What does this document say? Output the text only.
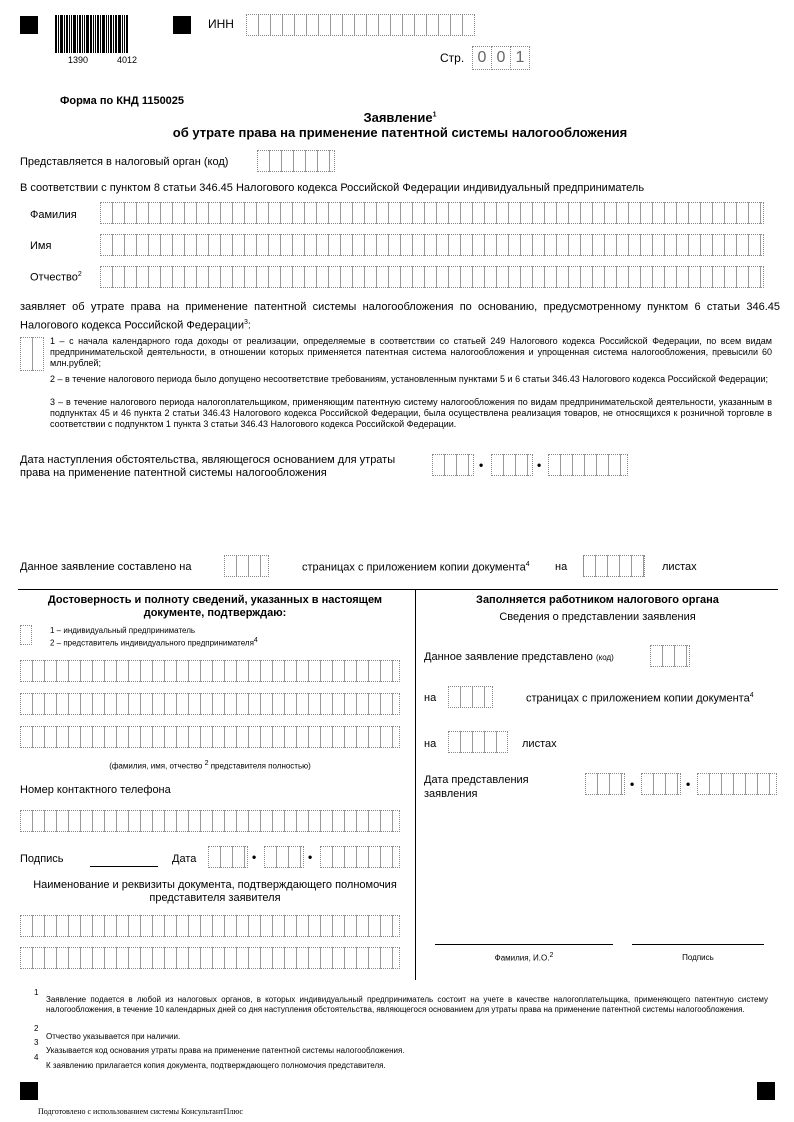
1390	4012
ИНН
Стр. 0 0 1
Форма по КНД 1150025
Заявление$^1$
об утрате права на применение патентной системы налогообложения
Представляется в налоговый орган (код)
В соответствии с пунктом 8 статьи 346.45 Налогового кодекса Российской Федерации индивидуальный предприниматель
Фамилия
Имя
Отчество$^2$
заявляет об утрате права на применение патентной системы налогообложения по основанию, предусмотренному пунктом 6 статьи 346.45 Налогового кодекса Российской Федерации$^3$:
1 – с начала календарного года доходы от реализации, определяемые в соответствии со статьей 249 Налогового кодекса Российской Федерации, по всем видам предпринимательской деятельности, в отношении которых применяется патентная система налогообложения и упрощенная система налогообложения, превысили 60 млн.рублей;
2 – в течение налогового периода было допущено несоответствие требованиям, установленным пунктами 5 и 6 статьи 346.43 Налогового кодекса Российской Федерации;
3 – в течение налогового периода налогоплательщиком, применяющим патентную систему налогообложения по видам предпринимательской деятельности, указанным в подпунктах 45 и 46 пункта 2 статьи 346.43 Налогового кодекса Российской Федерации, была осуществлена реализация товаров, не относящихся к розничной торговле в соответствии с подпунктом 1 пункта 3 статьи 346.43 Налогового кодекса Российской Федерации.
Дата наступления обстоятельства, являющегося основанием для утраты права на применение патентной системы налогообложения
•	•
Данное заявление составлено на	страницах с приложением копии документа$^4$ на	листах
Достоверность и полноту сведений, указанных в настоящем документе, подтверждаю:
1 – индивидуальный предприниматель
2 – представитель индивидуального предпринимателя$^4$
(фамилия, имя, отчество $^2$ представителя полностью)
Номер контактного телефона
Подпись	Дата	•	•
Наименование и реквизиты документа, подтверждающего полномочия представителя заявителя
Заполняется работником налогового органа
Сведения о представлении заявления
Данное заявление представлено (код)
на	страницах с приложением копии документа$^4$
на	листах
Дата представления заявления
•	•
Фамилия, И.О.$^2$	Подпись
1
Заявление подается в любой из налоговых органов, в которых индивидуальный предприниматель состоит на учете в качестве налогоплательщика, применяющего патентную систему налогообложения, в течение 10 календарных дней со дня наступления обстоятельства, являющегося основанием для утраты права на применение патентной системы налогообложения.
2
Отчество указывается при наличии.
3
Указывается код основания утраты права на применение патентной системы налогообложения.
4
К заявлению прилагается копия документа, подтверждающего полномочия представителя.
Подготовлено с использованием системы КонсультантПлюс
